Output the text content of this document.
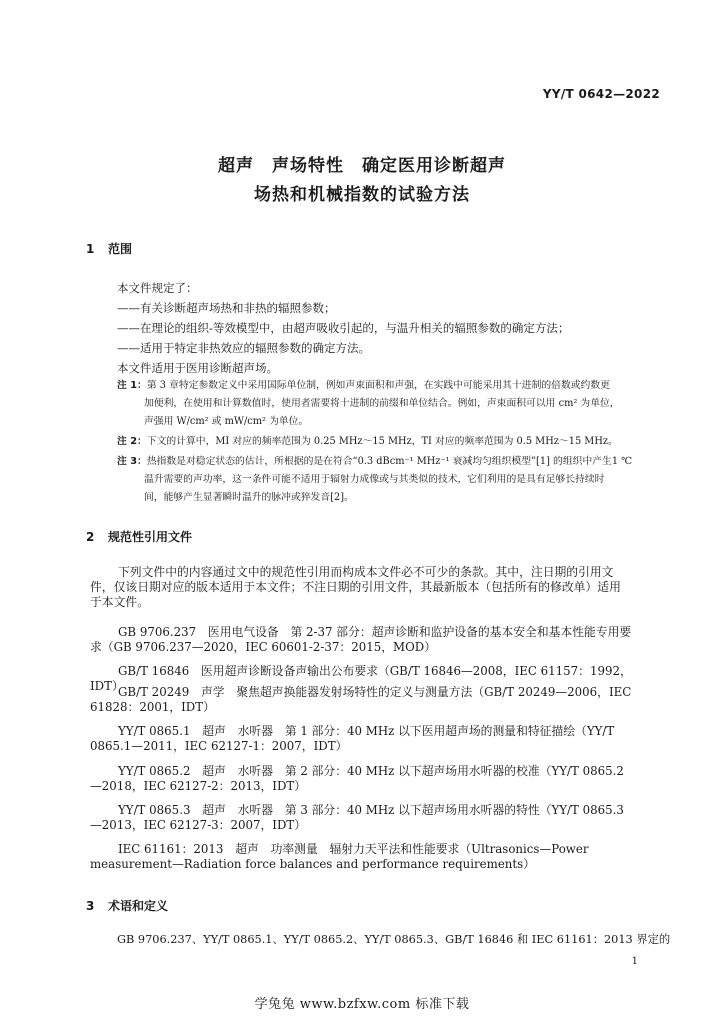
YY/T 0642—2022
超声　声场特性　确定医用诊断超声
场热和机械指数的试验方法
1 范围
本文件规定了：
——有关诊断超声场热和非热的辐照参数；
——在理论的组织-等效模型中，由超声吸收引起的，与温升相关的辐照参数的确定方法；
——适用于特定非热效应的辐照参数的确定方法。
本文件适用于医用诊断超声场。
注 1：第 3 章特定参数定义中采用国际单位制，例如声束面积和声强，在实践中可能采用其十进制的倍数或约数更
加便利，在使用和计算数值时，使用者需要将十进制的前缀和单位结合。例如，声束面积可以用 cm² 为单位，
声强用 W/cm² 或 mW/cm² 为单位。
注 2：下文的计算中，MI 对应的频率范围为 0.25 MHz～15 MHz，TI 对应的频率范围为 0.5 MHz～15 MHz。
注 3：热指数是对稳定状态的估计，所根据的是在符合“0.3 dBcm⁻¹ MHz⁻¹ 衰减均匀组织模型”[1] 的组织中产生1 ℃
温升需要的声功率，这一条件可能不适用于辐射力成像或与其类似的技术，它们利用的是具有足够长持续时
间，能够产生显著瞬时温升的脉冲或猝发音[2]。
2 规范性引用文件
下列文件中的内容通过文中的规范性引用而构成本文件必不可少的条款。其中，注日期的引用文件，仅该日期对应的版本适用于本文件；不注日期的引用文件，其最新版本（包括所有的修改单）适用于本文件。
GB 9706.237　医用电气设备　第 2-37 部分：超声诊断和监护设备的基本安全和基本性能专用要求（GB 9706.237—2020，IEC 60601-2-37：2015，MOD）
GB/T 16846　医用超声诊断设备声输出公布要求（GB/T 16846—2008，IEC 61157：1992，IDT）
GB/T 20249　声学　聚焦超声换能器发射场特性的定义与测量方法（GB/T 20249—2006，IEC 61828：2001，IDT）
YY/T 0865.1　超声　水听器　第 1 部分：40 MHz 以下医用超声场的测量和特征描绘（YY/T 0865.1—2011，IEC 62127-1：2007，IDT）
YY/T 0865.2　超声　水听器　第 2 部分：40 MHz 以下超声场用水听器的校准（YY/T 0865.2—2018，IEC 62127-2：2013，IDT）
YY/T 0865.3　超声　水听器　第 3 部分：40 MHz 以下超声场用水听器的特性（YY/T 0865.3—2013，IEC 62127-3：2007，IDT）
IEC 61161：2013　超声　功率测量　辐射力天平法和性能要求（Ultrasonics—Power measurement—Radiation force balances and performance requirements）
3 术语和定义
GB 9706.237、YY/T 0865.1、YY/T 0865.2、YY/T 0865.3、GB/T 16846 和 IEC 61161：2013 界定的
1
学兔兔 www.bzfxw.com 标准下载
